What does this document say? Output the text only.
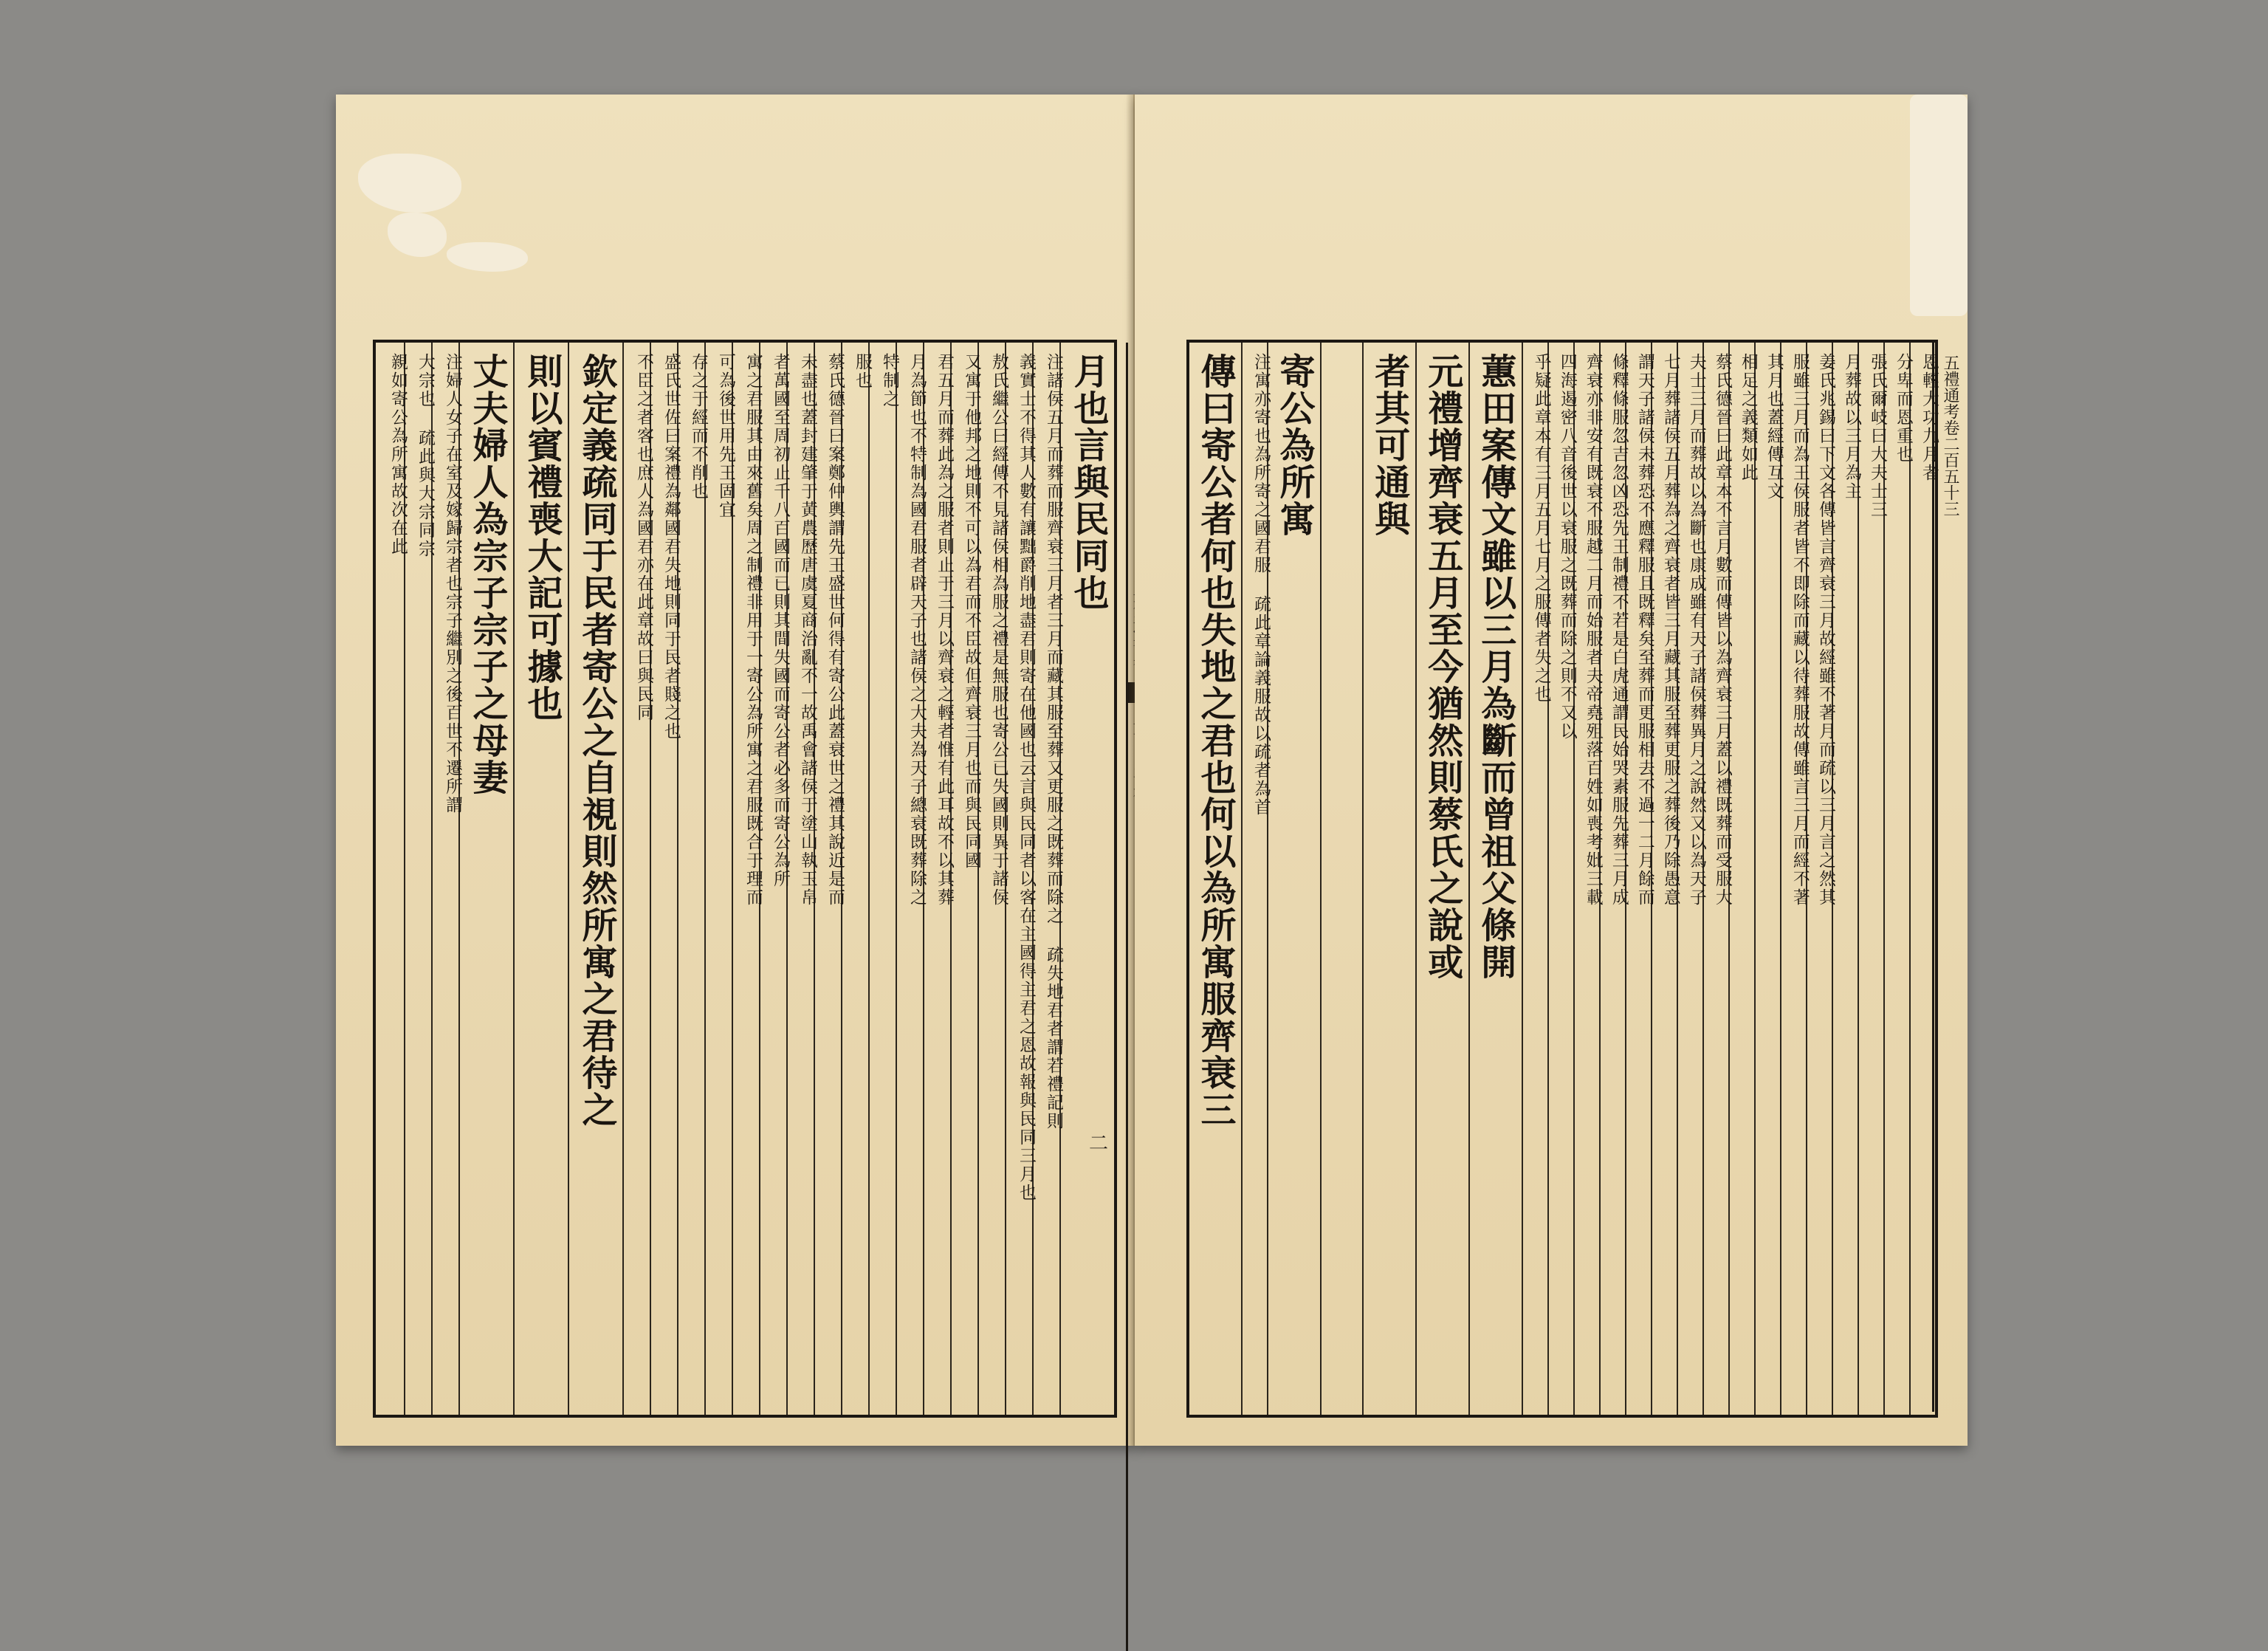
月也言與民同也
注諸侯五月而葬而服齊衰三月者三月而藏其服至葬又更服之既葬而除之 疏失地君者謂若禮記則
義實士不得其人數有讓黜爵削地盡君則寄在他國也云言與民同者以客在主國得主君之恩故報與民同三月也
敖氏繼公曰經傳不見諸侯相為服之禮是無服也寄公已失國則異于諸侯
又寓于他邦之地則不可以為君而不臣故但齊衰三月也而與民同國
君五月而葬此為之服者則止于三月以齊衰之輕者惟有此耳故不以其葬
月為節也不特制為國君服者辟天子也諸侯之大夫為天子總衰既葬除之
特制之
服也
蔡氏德晉曰案鄭仲輿謂先王盛世何得有寄公此蓋衰世之禮其說近是而
未盡也蓋封建肇于黃農歷唐虞夏商治亂不一故禹會諸侯于塗山執玉帛
者萬國至周初止千八百國而已則其間失國而寄公者必多而寄公為所
寓之君服其由來舊矣周之制禮非用于一寄公為所寓之君服既合于理而
可為後世用先王固宜
存之于經而不削也
盛氏世佐曰案禮為鄰國君失地則同于民者賤之也
不臣之者客也庶人為國君亦在此章故曰與民同
欽定義疏同于民者寄公之自視則然所寓之君待之
則以賓禮喪大記可據也
丈夫婦人為宗子宗子之母妻
注婦人女子在室及嫁歸宗者也宗子繼別之後百世不遷所謂
大宗也 疏此與大宗同宗
親如寄公為所寓故次在此
二
恩輕大功九月者
分卑而恩重也
張氏爾岐曰大夫士三
月葬故以三月為主
姜氏兆錫曰下文各傳皆言齊衰三月故經雖不著月而疏以三月言之然其
服雖三月而為王侯服者皆不即除而藏以待葬服故傳雖言三月而經不著
其月也蓋經傳互文
相足之義類如此
蔡氏德晉曰此章本不言月數而傳皆以為齊衰三月蓋以禮既葬而受服大
夫士三月而葬故以為斷也康成雖有天子諸侯葬異月之說然又以為天子
七月葬諸侯五月葬為之齊衰者皆三月藏其服至葬更服之葬後乃除愚意
謂天子諸侯未葬恐不應釋服且既釋矣至葬而更服相去不過一二月餘而
條釋條服忽吉忽凶恐先王制禮不若是白虎通謂民始哭素服先葬三月成
齊衰亦非安有既衰不服越二月而始服者夫帝堯殂落百姓如喪考妣三載
四海遏密八音後世以衰服之既葬而除之則不又以
乎疑此章本有三月五月七月之服傳者失之也
蕙田案傳文雖以三月為斷而曾祖父條開
元禮增齊衰五月至今猶然則蔡氏之說或
者其可通與
寄公為所寓
注寓亦寄也為所寄之國君服 疏此章論義服故以疏者為首
傳曰寄公者何也失地之君也何以為所寓服齊衰三	五禮通考卷二百五十三
